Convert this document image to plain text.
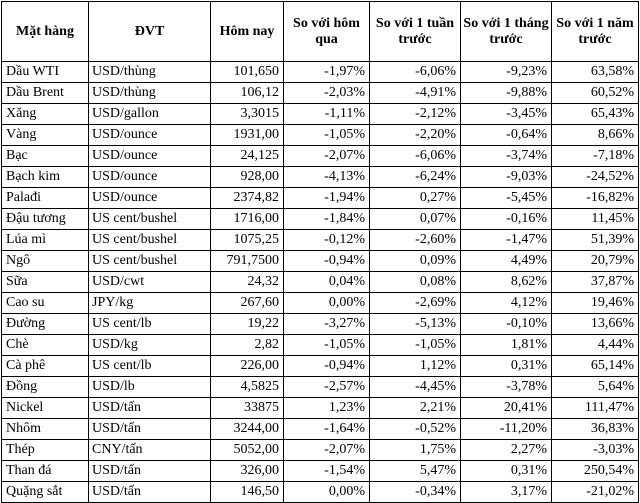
Mặt hàng	ĐVT	Hôm nay	So với hôm qua	So với 1 tuần trước	So với 1 tháng trước	So với 1 năm trước
Dầu WTI	USD/thùng	101,650	-1,97%	-6,06%	-9,23%	63,58%
Dầu Brent	USD/thùng	106,12	-2,03%	-4,91%	-9,88%	60,52%
Xăng	USD/gallon	3,3015	-1,11%	-2,12%	-3,45%	65,43%
Vàng	USD/ounce	1931,00	-1,05%	-2,20%	-0,64%	8,66%
Bạc	USD/ounce	24,125	-2,07%	-6,06%	-3,74%	-7,18%
Bạch kim	USD/ounce	928,00	-4,13%	-6,24%	-9,03%	-24,52%
Palađi	USD/ounce	2374,82	-1,94%	0,27%	-5,45%	-16,82%
Đậu tương	US cent/bushel	1716,00	-1,84%	0,07%	-0,16%	11,45%
Lúa mì	US cent/bushel	1075,25	-0,12%	-2,60%	-1,47%	51,39%
Ngô	US cent/bushel	791,7500	-0,94%	0,09%	4,49%	20,79%
Sữa	USD/cwt	24,32	0,04%	0,08%	8,62%	37,87%
Cao su	JPY/kg	267,60	0,00%	-2,69%	4,12%	19,46%
Đường	US cent/lb	19,22	-3,27%	-5,13%	-0,10%	13,66%
Chè	USD/kg	2,82	-1,05%	-1,05%	1,81%	4,44%
Cà phê	US cent/lb	226,00	-0,94%	1,12%	0,31%	65,14%
Đồng	USD/lb	4,5825	-2,57%	-4,45%	-3,78%	5,64%
Nickel	USD/tấn	33875	1,23%	2,21%	20,41%	111,47%
Nhôm	USD/tấn	3244,00	-1,64%	-0,52%	-11,20%	36,83%
Thép	CNY/tấn	5052,00	-2,07%	1,75%	2,27%	-3,03%
Than đá	USD/tấn	326,00	-1,54%	5,47%	0,31%	250,54%
Quặng sắt	USD/tấn	146,50	0,00%	-0,34%	3,17%	-21,02%
